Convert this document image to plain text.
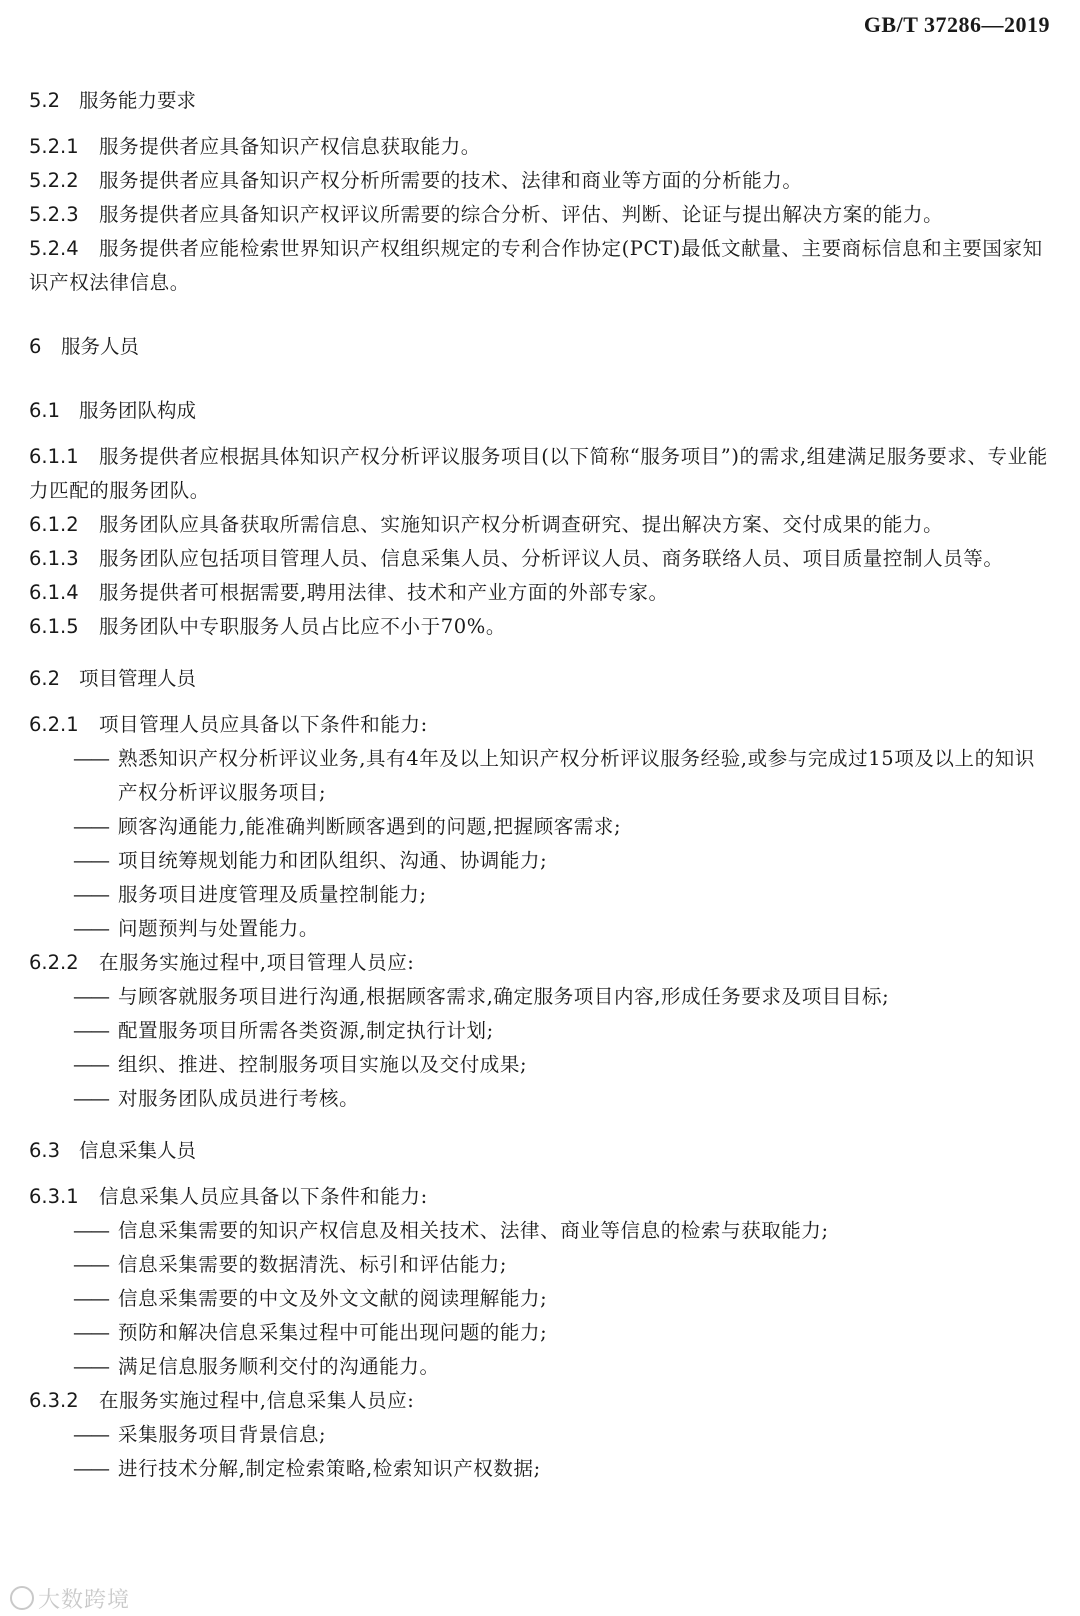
GB/T 37286—2019
5.2 服务能力要求

5.2.1 服务提供者应具备知识产权信息获取能力。

5.2.2 服务提供者应具备知识产权分析所需要的技术、法律和商业等方面的分析能力。

5.2.3 服务提供者应具备知识产权评议所需要的综合分析、评估、判断、论证与提出解决方案的能力。

5.2.4 服务提供者应能检索世界知识产权组织规定的专利合作协定(PCT)最低文献量、主要商标信息和主要国家知识产权法律信息。

6 服务人员
6.1 服务团队构成

6.1.1 服务提供者应根据具体知识产权分析评议服务项目(以下简称“服务项目”)的需求,组建满足服务要求、专业能力匹配的服务团队。

6.1.2 服务团队应具备获取所需信息、实施知识产权分析调查研究、提出解决方案、交付成果的能力。

6.1.3 服务团队应包括项目管理人员、信息采集人员、分析评议人员、商务联络人员、项目质量控制人员等。

6.1.4 服务提供者可根据需要,聘用法律、技术和产业方面的外部专家。

6.1.5 服务团队中专职服务人员占比应不小于70%。

6.2 项目管理人员

6.2.1 项目管理人员应具备以下条件和能力:

—— 熟悉知识产权分析评议业务,具有4年及以上知识产权分析评议服务经验,或参与完成过15项及以上的知识产权分析评议服务项目;
—— 顾客沟通能力,能准确判断顾客遇到的问题,把握顾客需求;
—— 项目统筹规划能力和团队组织、沟通、协调能力;
—— 服务项目进度管理及质量控制能力;
—— 问题预判与处置能力。

6.2.2 在服务实施过程中,项目管理人员应:

—— 与顾客就服务项目进行沟通,根据顾客需求,确定服务项目内容,形成任务要求及项目目标;
—— 配置服务项目所需各类资源,制定执行计划;
—— 组织、推进、控制服务项目实施以及交付成果;
—— 对服务团队成员进行考核。
6.3 信息采集人员

6.3.1 信息采集人员应具备以下条件和能力:

—— 信息采集需要的知识产权信息及相关技术、法律、商业等信息的检索与获取能力;
—— 信息采集需要的数据清洗、标引和评估能力;
—— 信息采集需要的中文及外文文献的阅读理解能力;
—— 预防和解决信息采集过程中可能出现问题的能力;
—— 满足信息服务顺利交付的沟通能力。

6.3.2 在服务实施过程中,信息采集人员应:

—— 采集服务项目背景信息;
—— 进行技术分解,制定检索策略,检索知识产权数据;
大数跨境
